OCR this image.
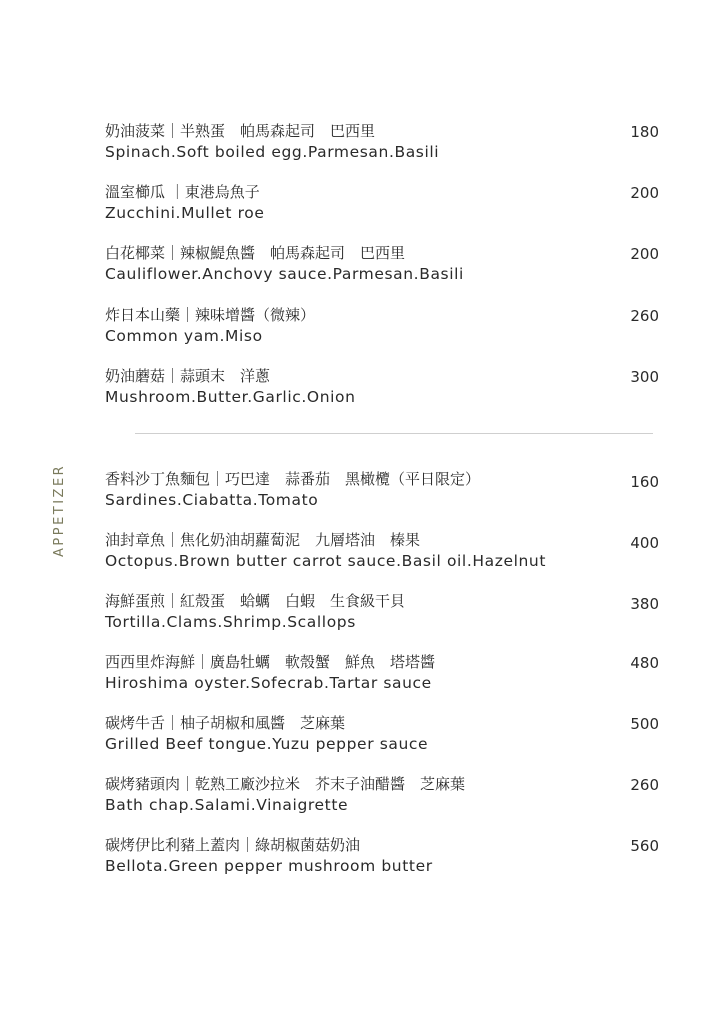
APPETIZER
奶油菠菜｜半熟蛋　帕馬森起司　巴西里
Spinach.Soft boiled egg.Parmesan.Basili
180
溫室櫛瓜 ｜東港烏魚子
Zucchini.Mullet roe
200
白花椰菜｜辣椒鯷魚醬　帕馬森起司　巴西里
Cauliflower.Anchovy sauce.Parmesan.Basili
200
炸日本山藥｜辣味增醬（微辣）
Common yam.Miso
260
奶油蘑菇｜蒜頭末　洋蔥
Mushroom.Butter.Garlic.Onion
300
香料沙丁魚麵包｜巧巴達　蒜番茄　黑橄欖（平日限定）
Sardines.Ciabatta.Tomato
160
油封章魚｜焦化奶油胡蘿蔔泥　九層塔油　榛果
Octopus.Brown butter carrot sauce.Basil oil.Hazelnut
400
海鮮蛋煎｜紅殼蛋　蛤蠣　白蝦　生食級干貝
Tortilla.Clams.Shrimp.Scallops
380
西西里炸海鮮｜廣島牡蠣　軟殼蟹　鮮魚　塔塔醬
Hiroshima oyster.Sofecrab.Tartar sauce
480
碳烤牛舌｜柚子胡椒和風醬　芝麻葉
Grilled Beef tongue.Yuzu pepper sauce
500
碳烤豬頭肉｜乾熟工廠沙拉米　芥末子油醋醬　芝麻葉
Bath chap.Salami.Vinaigrette
260
碳烤伊比利豬上蓋肉｜綠胡椒菌菇奶油
Bellota.Green pepper mushroom butter
560
